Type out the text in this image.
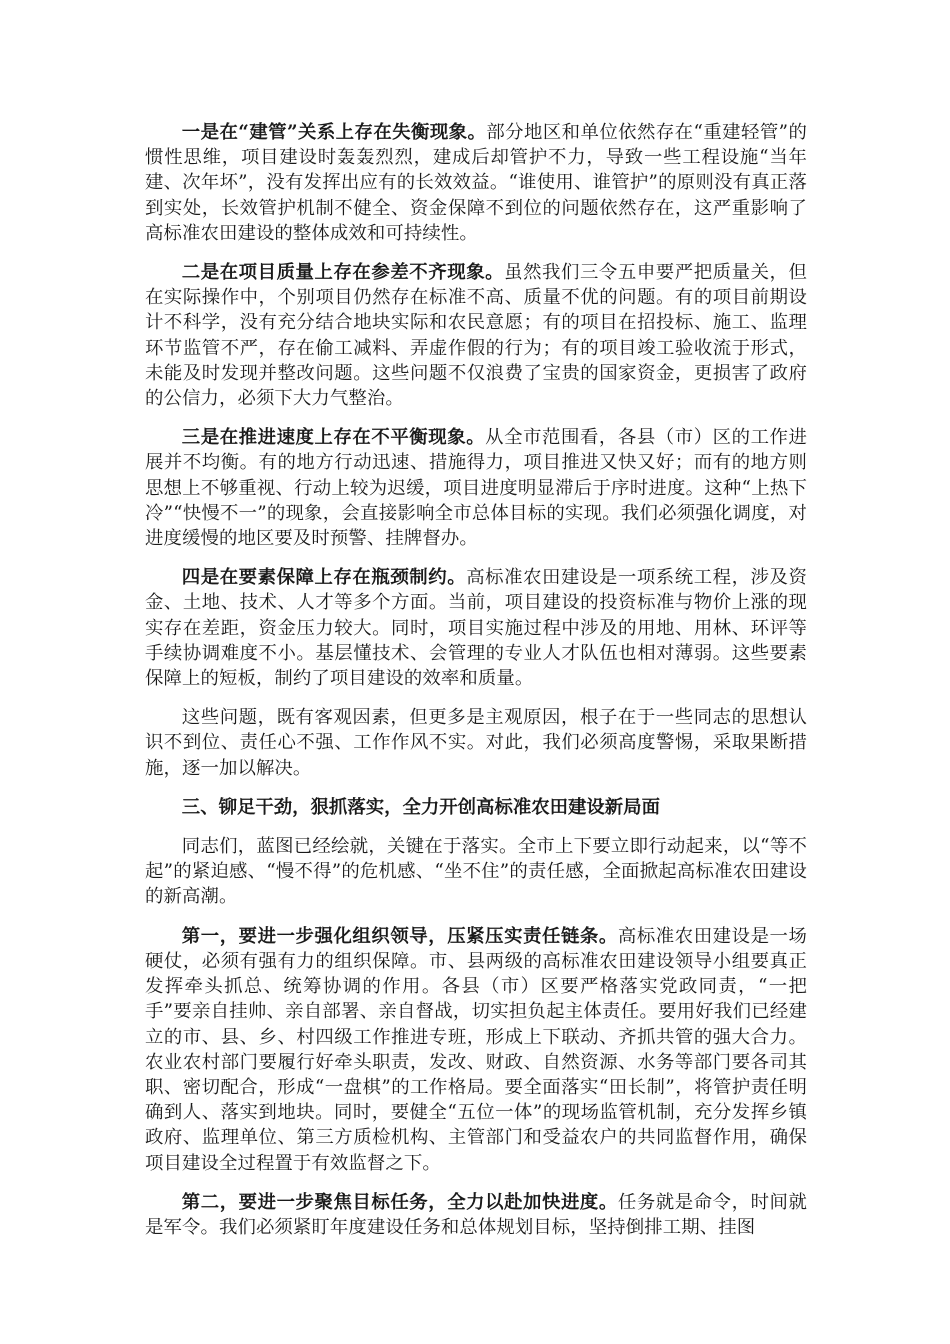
一是在“建管”关系上存在失衡现象。部分地区和单位依然存在“重建轻管”的惯性思维，项目建设时轰轰烈烈，建成后却管护不力，导致一些工程设施“当年建、次年坏”，没有发挥出应有的长效效益。“谁使用、谁管护”的原则没有真正落到实处，长效管护机制不健全、资金保障不到位的问题依然存在，这严重影响了高标准农田建设的整体成效和可持续性。

二是在项目质量上存在参差不齐现象。虽然我们三令五申要严把质量关，但在实际操作中，个别项目仍然存在标准不高、质量不优的问题。有的项目前期设计不科学，没有充分结合地块实际和农民意愿；有的项目在招投标、施工、监理环节监管不严，存在偷工减料、弄虚作假的行为；有的项目竣工验收流于形式，未能及时发现并整改问题。这些问题不仅浪费了宝贵的国家资金，更损害了政府的公信力，必须下大力气整治。

三是在推进速度上存在不平衡现象。从全市范围看，各县（市）区的工作进展并不均衡。有的地方行动迅速、措施得力，项目推进又快又好；而有的地方则思想上不够重视、行动上较为迟缓，项目进度明显滞后于序时进度。这种“上热下冷”“快慢不一”的现象，会直接影响全市总体目标的实现。我们必须强化调度，对进度缓慢的地区要及时预警、挂牌督办。

四是在要素保障上存在瓶颈制约。高标准农田建设是一项系统工程，涉及资金、土地、技术、人才等多个方面。当前，项目建设的投资标准与物价上涨的现实存在差距，资金压力较大。同时，项目实施过程中涉及的用地、用林、环评等手续协调难度不小。基层懂技术、会管理的专业人才队伍也相对薄弱。这些要素保障上的短板，制约了项目建设的效率和质量。

这些问题，既有客观因素，但更多是主观原因，根子在于一些同志的思想认识不到位、责任心不强、工作作风不实。对此，我们必须高度警惕，采取果断措施，逐一加以解决。

三、铆足干劲，狠抓落实，全力开创高标准农田建设新局面

同志们，蓝图已经绘就，关键在于落实。全市上下要立即行动起来，以“等不起”的紧迫感、“慢不得”的危机感、“坐不住”的责任感，全面掀起高标准农田建设的新高潮。

第一，要进一步强化组织领导，压紧压实责任链条。高标准农田建设是一场硬仗，必须有强有力的组织保障。市、县两级的高标准农田建设领导小组要真正发挥牵头抓总、统筹协调的作用。各县（市）区要严格落实党政同责，“一把手”要亲自挂帅、亲自部署、亲自督战，切实担负起主体责任。要用好我们已经建立的市、县、乡、村四级工作推进专班，形成上下联动、齐抓共管的强大合力。农业农村部门要履行好牵头职责，发改、财政、自然资源、水务等部门要各司其职、密切配合，形成“一盘棋”的工作格局。要全面落实“田长制”，将管护责任明确到人、落实到地块。同时，要健全“五位一体”的现场监管机制，充分发挥乡镇政府、监理单位、第三方质检机构、主管部门和受益农户的共同监督作用，确保项目建设全过程置于有效监督之下。

第二，要进一步聚焦目标任务，全力以赴加快进度。任务就是命令，时间就是军令。我们必须紧盯年度建设任务和总体规划目标，坚持倒排工期、挂图
